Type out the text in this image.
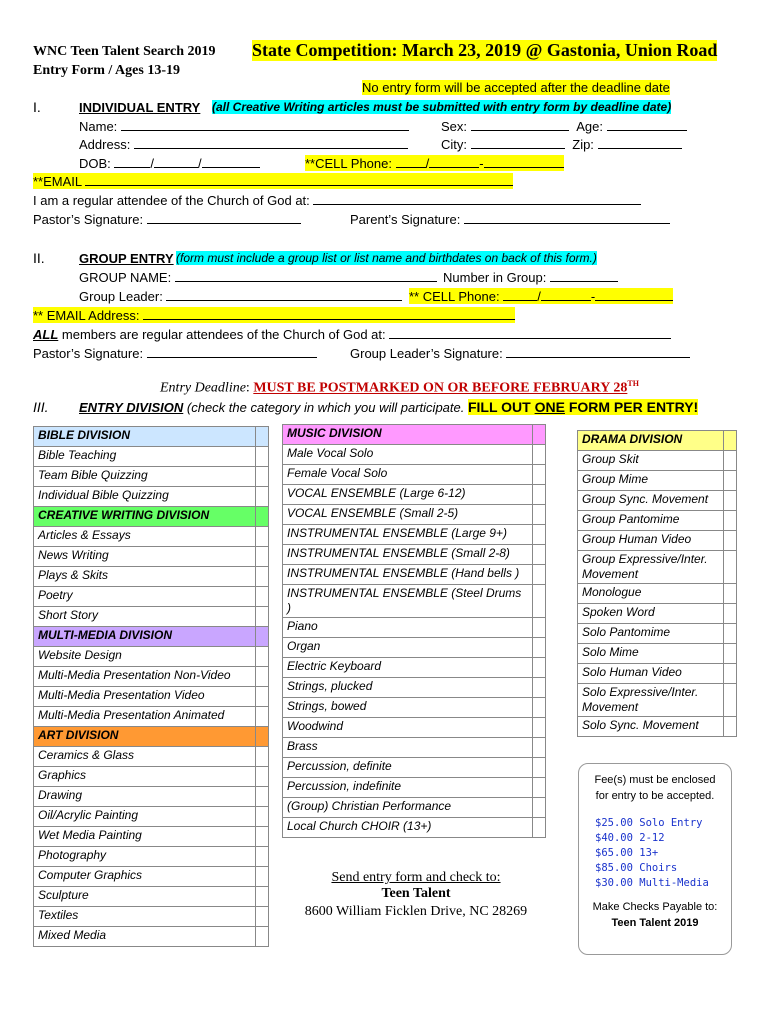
WNC Teen Talent Search 2019 State Competition: March 23, 2019 @ Gastonia, Union Road
Entry Form / Ages 13-19
No entry form will be accepted after the deadline date
I.	INDIVIDUAL ENTRY (all Creative Writing articles must be submitted with entry form by deadline date)
Name:	Sex:	Age:
Address:	City:	Zip:
DOB:	/	/	**CELL Phone:	/	-
**EMAIL
I am a regular attendee of the Church of God at:
Pastor’s Signature:	Parent’s Signature:
II.	GROUP ENTRY (form must include a group list or list name and birthdates on back of this form.)
GROUP NAME:	Number in Group:
Group Leader:	** CELL Phone:	/	-
** EMAIL Address:
ALL members are regular attendees of the Church of God at:
Pastor’s Signature:	Group Leader’s Signature:
Entry Deadline: MUST BE POSTMARKED ON OR BEFORE FEBRUARY 28TH
III. ENTRY DIVISION (check the category in which you will participate. FILL OUT ONE FORM PER ENTRY!
BIBLE DIVISION	
Bible Teaching	
Team Bible Quizzing	
Individual Bible Quizzing	
CREATIVE WRITING DIVISION	
Articles & Essays	
News Writing	
Plays & Skits	
Poetry	
Short Story	
MULTI-MEDIA DIVISION	
Website Design	
Multi-Media Presentation Non-Video	
Multi-Media Presentation Video	
Multi-Media Presentation Animated	
ART DIVISION	
Ceramics & Glass	
Graphics	
Drawing	
Oil/Acrylic Painting	
Wet Media Painting	
Photography	
Computer Graphics	
Sculpture	
Textiles	
Mixed Media	
MUSIC DIVISION	
Male Vocal Solo	
Female Vocal Solo	
VOCAL ENSEMBLE (Large 6-12)	
VOCAL ENSEMBLE (Small 2-5)	
INSTRUMENTAL ENSEMBLE (Large 9+)	
INSTRUMENTAL ENSEMBLE (Small 2-8)	
INSTRUMENTAL ENSEMBLE (Hand bells )	
INSTRUMENTAL ENSEMBLE (Steel Drums )	
Piano	
Organ	
Electric Keyboard	
Strings, plucked	
Strings, bowed	
Woodwind	
Brass	
Percussion, definite	
Percussion, indefinite	
(Group) Christian Performance	
Local Church CHOIR (13+)	
DRAMA DIVISION	
Group Skit	
Group Mime	
Group Sync. Movement	
Group Pantomime	
Group Human Video	
Group Expressive/Inter. Movement	
Monologue	
Spoken Word	
Solo Pantomime	
Solo Mime	
Solo Human Video	
Solo Expressive/Inter. Movement	
Solo Sync. Movement	
Send entry form and check to:
Teen Talent
8600 William Ficklen Drive, NC 28269
Fee(s) must be enclosed for entry to be accepted.
$25.00 Solo Entry
$40.00 2-12
$65.00 13+
$85.00 Choirs
$30.00 Multi-Media
Make Checks Payable to:
Teen Talent 2019
